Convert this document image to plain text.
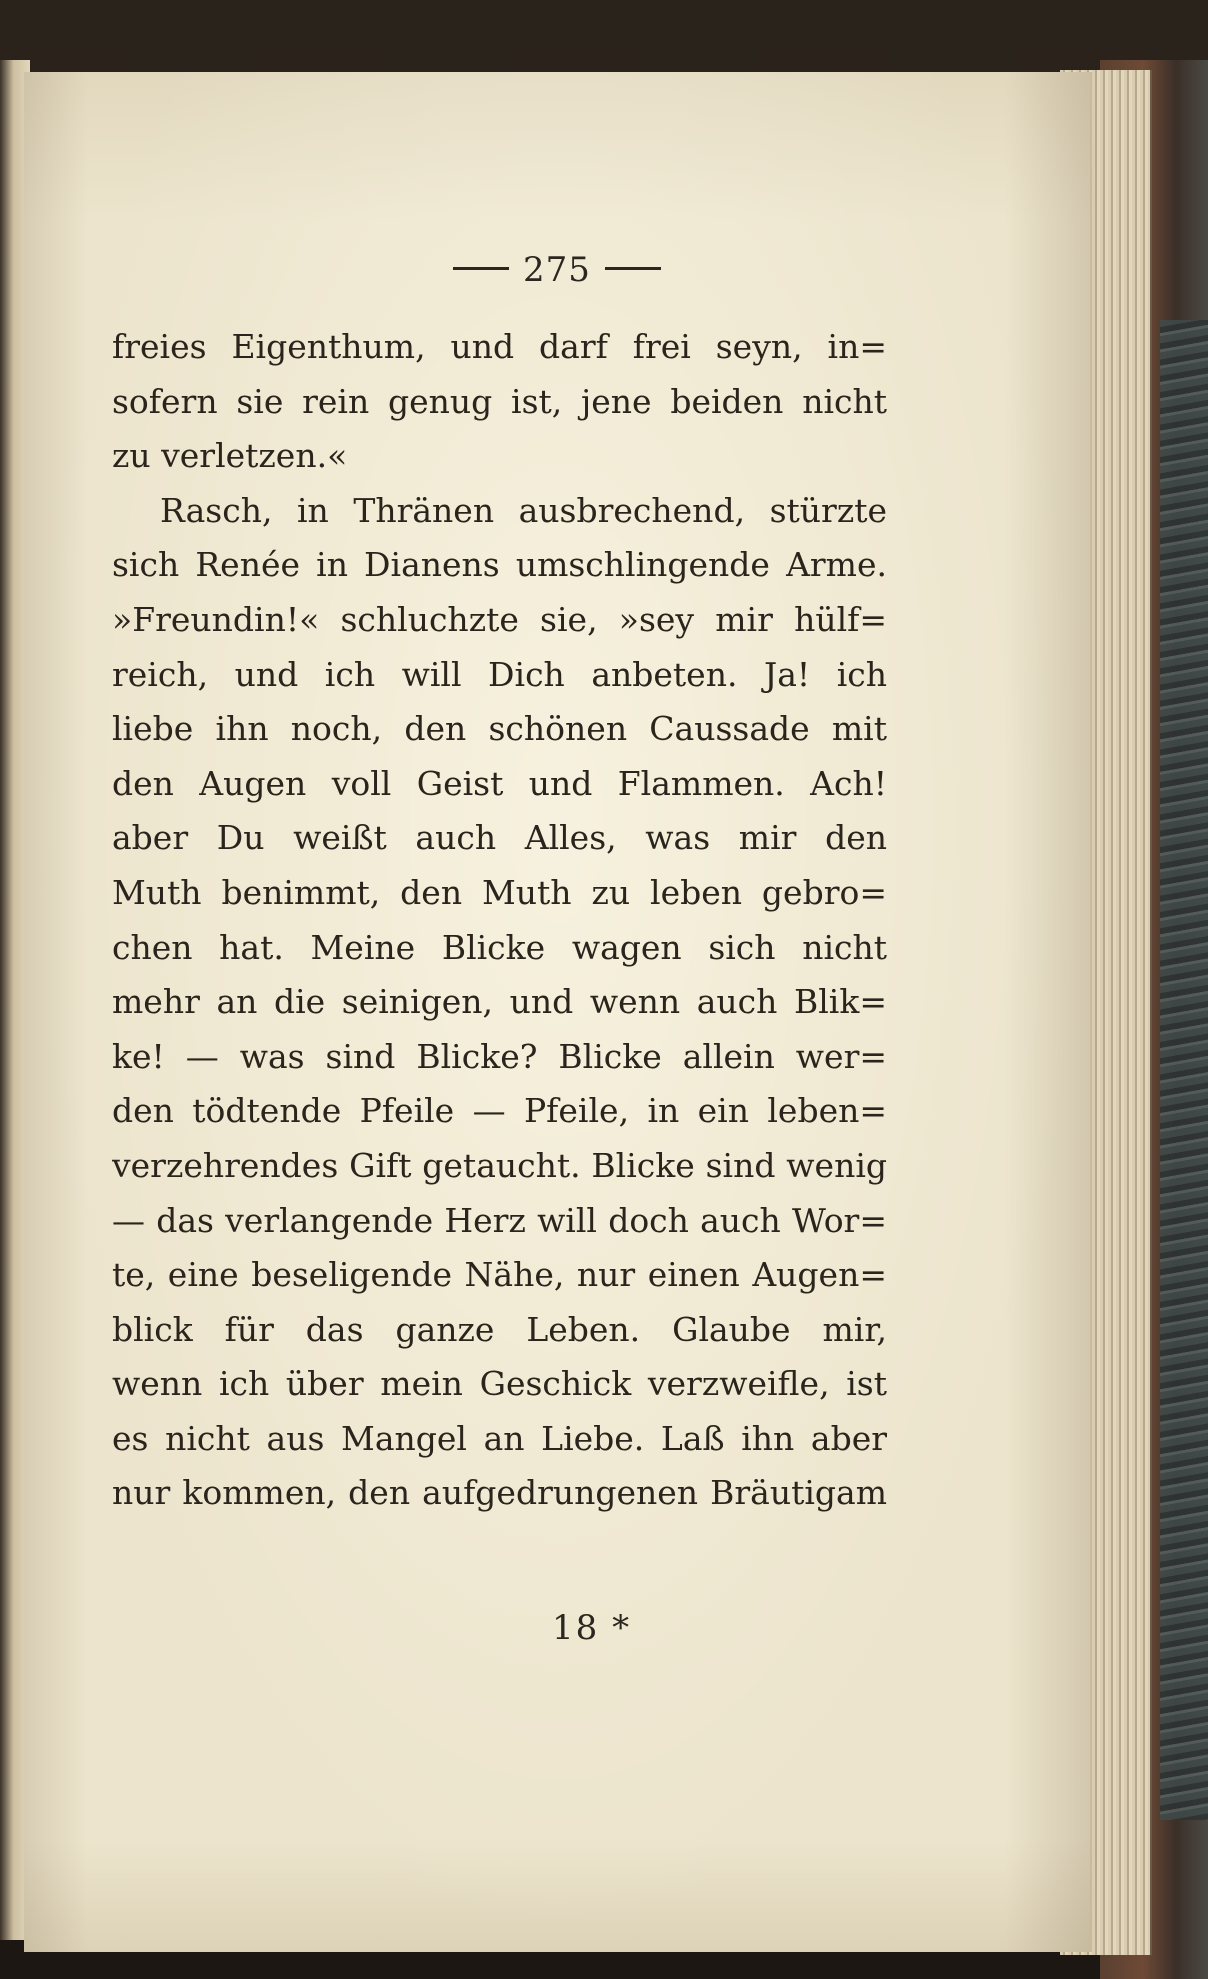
275
freies Eigenthum, und darf frei seyn, in=
sofern sie rein genug ist, jene beiden nicht
zu verletzen.«
Rasch, in Thränen ausbrechend, stürzte
sich Renée in Dianens umschlingende Arme.
»Freundin!« schluchzte sie, »sey mir hülf=
reich, und ich will Dich anbeten. Ja! ich
liebe ihn noch, den schönen Caussade mit
den Augen voll Geist und Flammen. Ach!
aber Du weißt auch Alles, was mir den
Muth benimmt, den Muth zu leben gebro=
chen hat. Meine Blicke wagen sich nicht
mehr an die seinigen, und wenn auch Blik=
ke! — was sind Blicke? Blicke allein wer=
den tödtende Pfeile — Pfeile, in ein leben=
verzehrendes Gift getaucht. Blicke sind wenig
— das verlangende Herz will doch auch Wor=
te, eine beseligende Nähe, nur einen Augen=
blick für das ganze Leben. Glaube mir,
wenn ich über mein Geschick verzweifle, ist
es nicht aus Mangel an Liebe. Laß ihn aber
nur kommen, den aufgedrungenen Bräutigam
18 *
